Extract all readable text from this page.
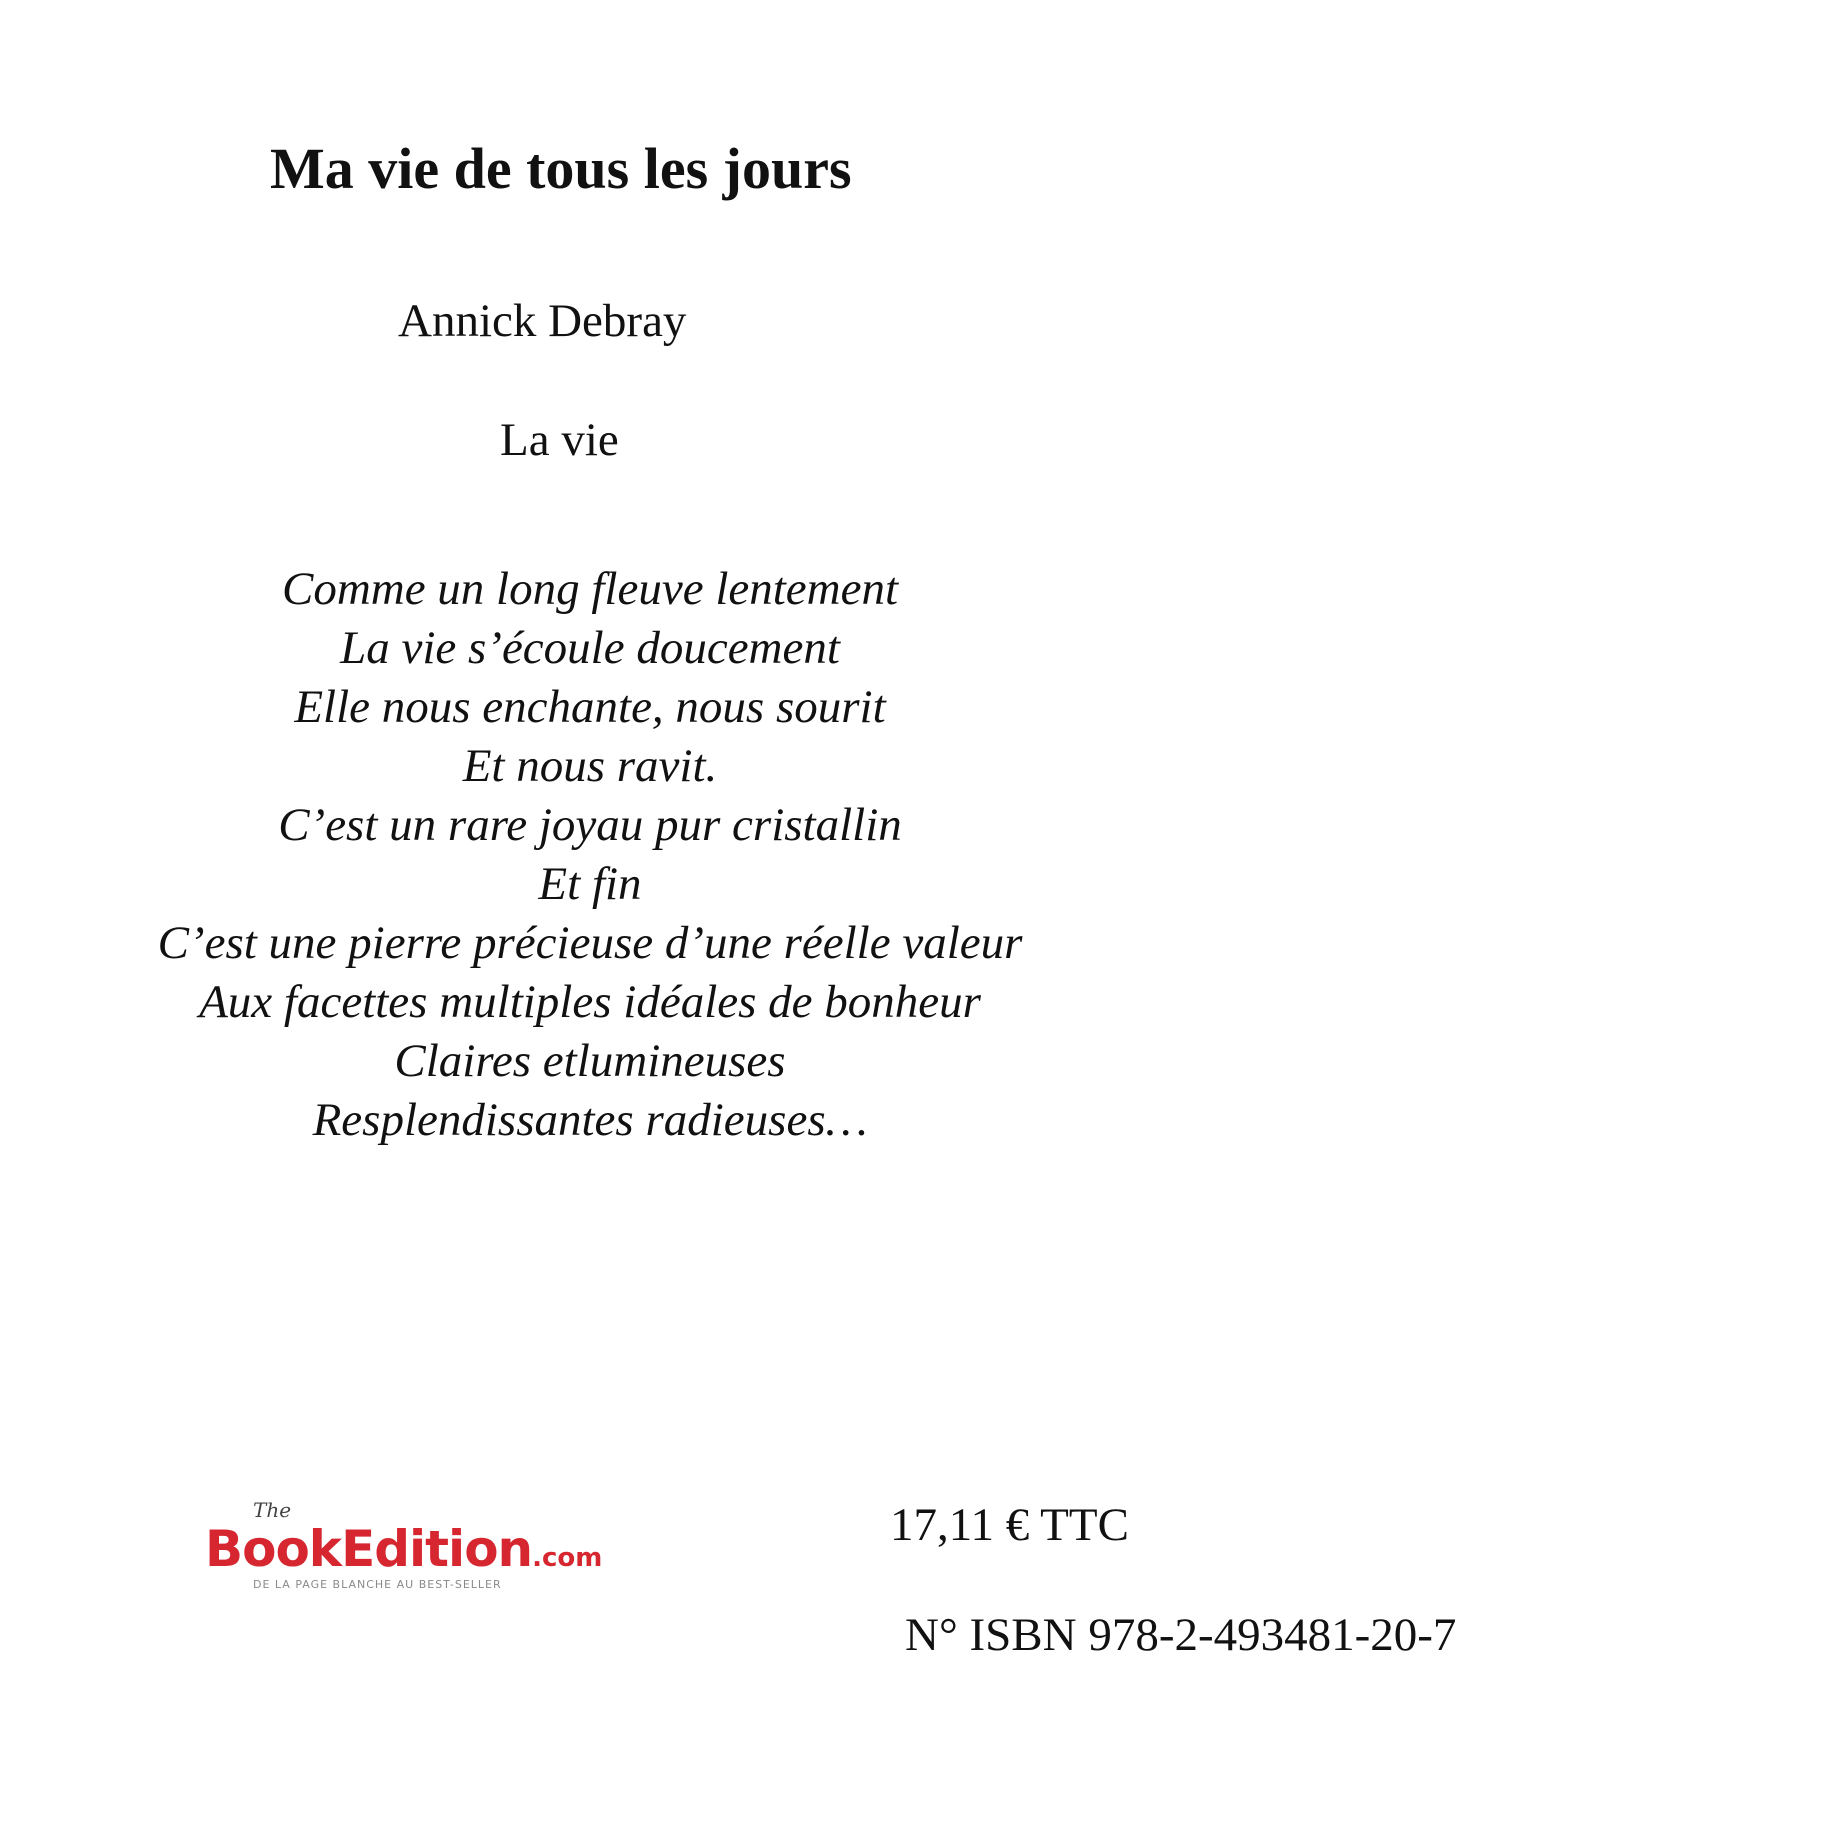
Ma vie de tous les jours
Annick Debray
La vie
Comme un long fleuve lentement
La vie s’écoule doucement
Elle nous enchante, nous sourit
Et nous ravit.
C’est un rare joyau pur cristallin
Et fin
C’est une pierre précieuse d’une réelle valeur
Aux facettes multiples idéales de bonheur
Claires etlumineuses
Resplendissantes radieuses…
The
BookEdition.com
DE LA PAGE BLANCHE AU BEST-SELLER
17,11 € TTC
N° ISBN 978-2-493481-20-7
